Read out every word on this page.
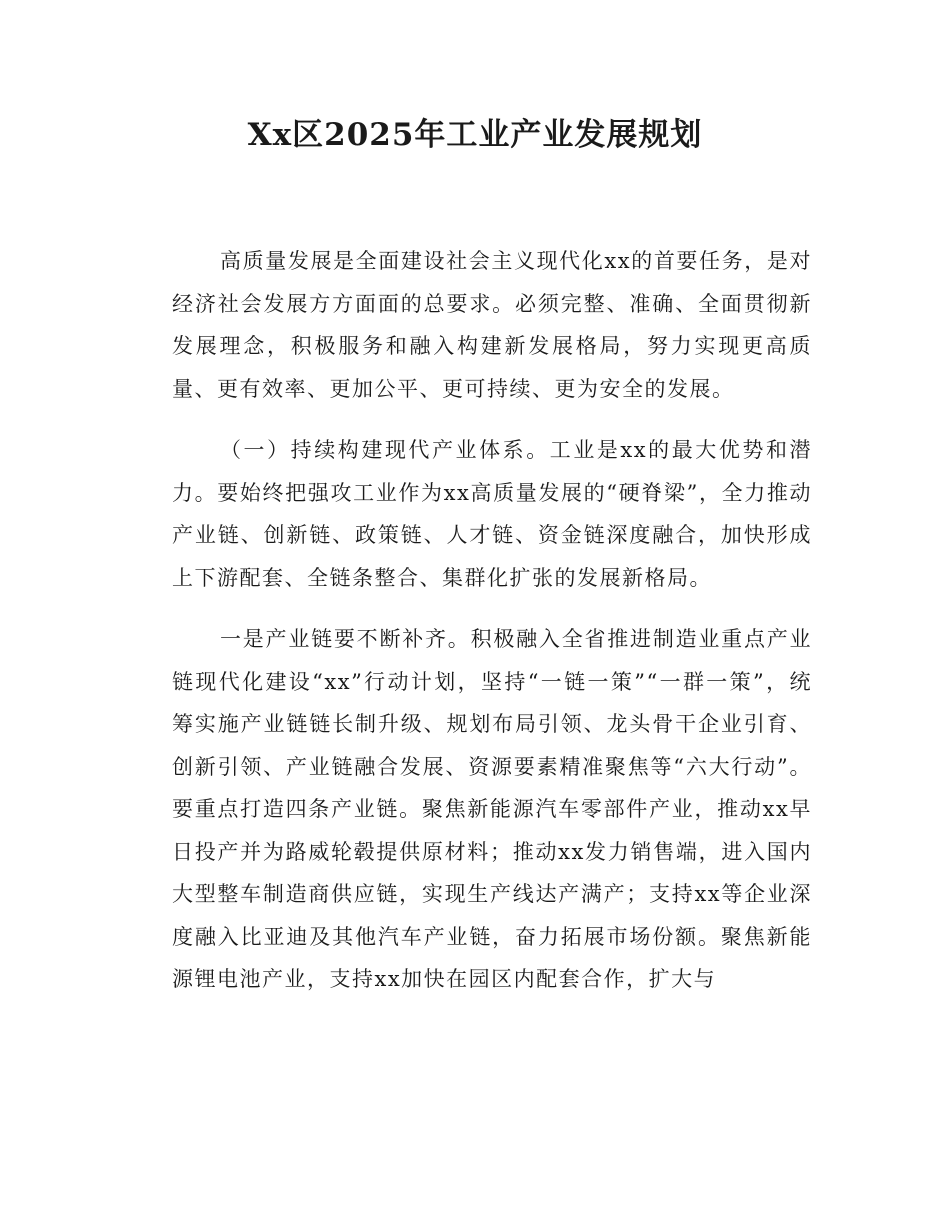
Xx区2025年工业产业发展规划

高质量发展是全面建设社会主义现代化xx的首要任务，是对经济社会发展方方面面的总要求。必须完整、准确、全面贯彻新发展理念，积极服务和融入构建新发展格局，努力实现更高质量、更有效率、更加公平、更可持续、更为安全的发展。

（一）持续构建现代产业体系。工业是xx的最大优势和潜力。要始终把强攻工业作为xx高质量发展的“硬脊梁”，全力推动产业链、创新链、政策链、人才链、资金链深度融合，加快形成上下游配套、全链条整合、集群化扩张的发展新格局。

一是产业链要不断补齐。积极融入全省推进制造业重点产业链现代化建设“xx”行动计划，坚持“一链一策”“一群一策”，统筹实施产业链链长制升级、规划布局引领、龙头骨干企业引育、创新引领、产业链融合发展、资源要素精准聚焦等“六大行动”。要重点打造四条产业链。聚焦新能源汽车零部件产业，推动xx早日投产并为路威轮毂提供原材料；推动xx发力销售端，进入国内大型整车制造商供应链，实现生产线达产满产；支持xx等企业深度融入比亚迪及其他汽车产业链，奋力拓展市场份额。聚焦新能源锂电池产业，支持xx加快在园区内配套合作，扩大与
